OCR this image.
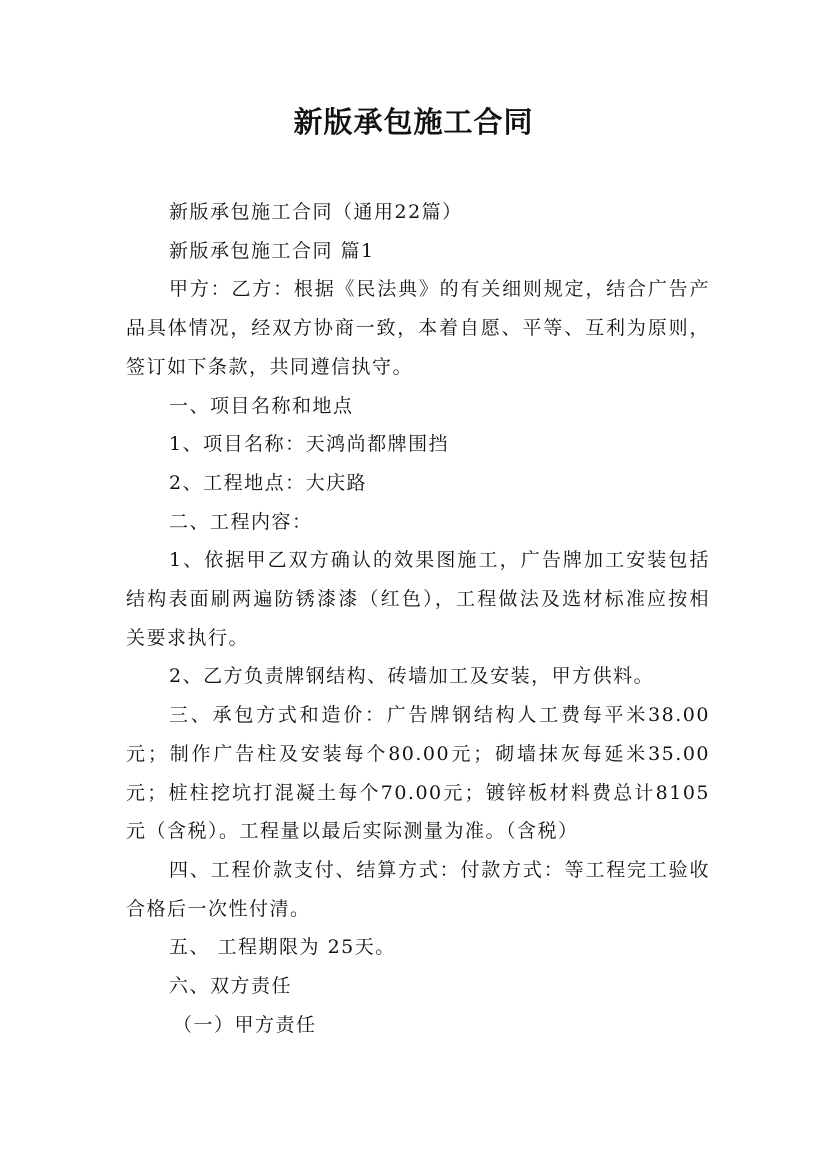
新版承包施工合同

新版承包施工合同（通用22篇）

新版承包施工合同 篇1

甲方：乙方：根据《民法典》的有关细则规定，结合广告产品具体情况，经双方协商一致，本着自愿、平等、互利为原则，签订如下条款，共同遵信执守。

一、项目名称和地点

1、项目名称：天鸿尚都牌围挡

2、工程地点：大庆路

二、工程内容：

1、依据甲乙双方确认的效果图施工，广告牌加工安装包括结构表面刷两遍防锈漆漆（红色），工程做法及选材标准应按相关要求执行。

2、乙方负责牌钢结构、砖墙加工及安装，甲方供料。

三、承包方式和造价：广告牌钢结构人工费每平米38.00元；制作广告柱及安装每个80.00元；砌墙抹灰每延米35.00元；桩柱挖坑打混凝土每个70.00元；镀锌板材料费总计8105元（含税）。工程量以最后实际测量为准。（含税）

四、工程价款支付、结算方式：付款方式：等工程完工验收合格后一次性付清。

五、 工程期限为 25天。

六、双方责任

（一）甲方责任
